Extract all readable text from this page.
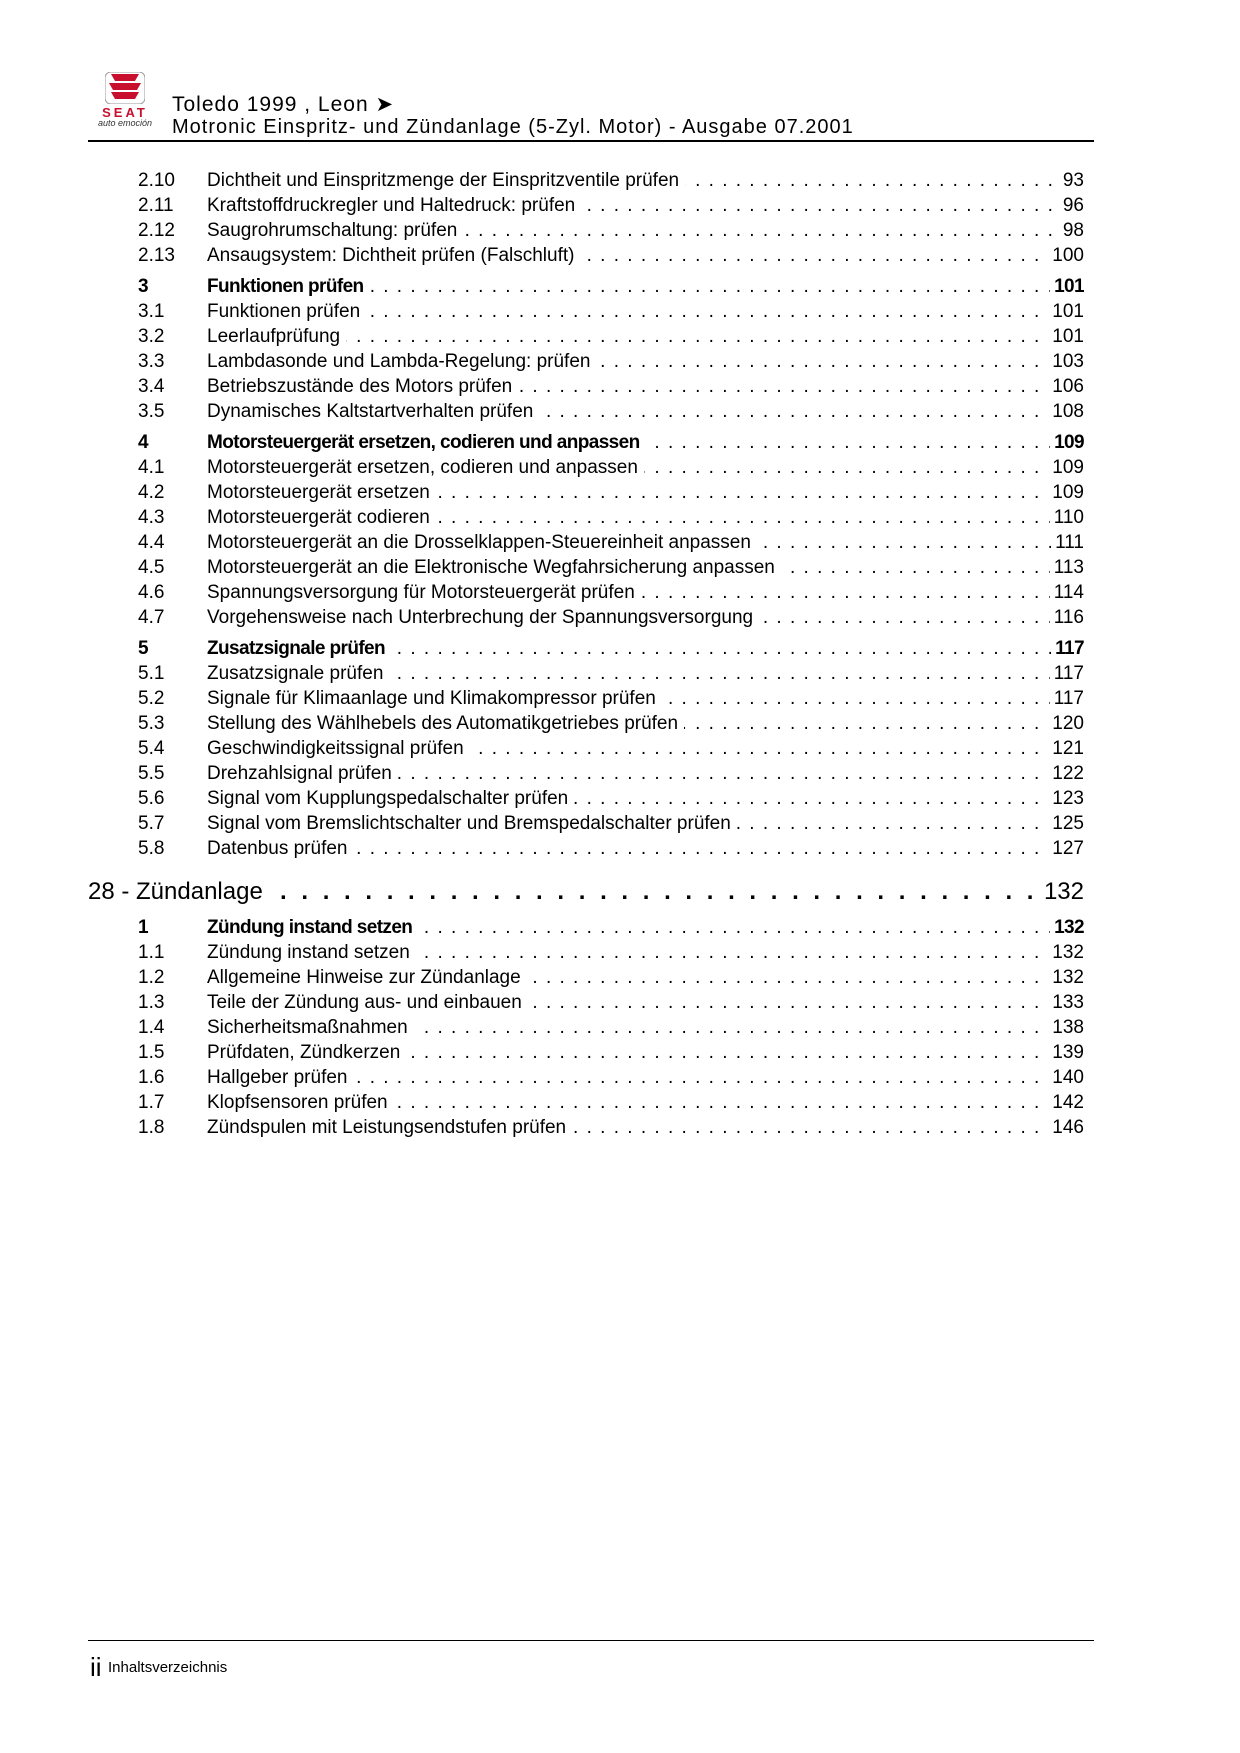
SEAT
auto emoción
Toledo 1999 , Leon ➤
Motronic Einspritz- und Zündanlage (5-Zyl. Motor) - Ausgabe 07.2001
2.10	Dichtheit und Einspritzmenge der Einspritzventile prüfen	93
. . .
2.11	Kraftstoffdruckregler und Haltedruck: prüfen	96
. . .
2.12	Saugrohrumschaltung: prüfen	98
. . .
2.13	Ansaugsystem: Dichtheit prüfen (Falschluft)	100
. . .
3	Funktionen prüfen	101
. . .
3.1	Funktionen prüfen	101
. . .
3.2	Leerlaufprüfung	101
. . .
3.3	Lambdasonde und Lambda-Regelung: prüfen	103
. . .
3.4	Betriebszustände des Motors prüfen	106
. . .
3.5	Dynamisches Kaltstartverhalten prüfen	108
. . .
4	Motorsteuergerät ersetzen, codieren und anpassen	109
. . .
4.1	Motorsteuergerät ersetzen, codieren und anpassen	109
. . .
4.2	Motorsteuergerät ersetzen	109
. . .
4.3	Motorsteuergerät codieren	110
. . .
4.4	Motorsteuergerät an die Drosselklappen-Steuereinheit anpassen	111
. . .
4.5	Motorsteuergerät an die Elektronische Wegfahrsicherung anpassen	113
. . .
4.6	Spannungsversorgung für Motorsteuergerät prüfen	114
. . .
4.7	Vorgehensweise nach Unterbrechung der Spannungsversorgung	116
. . .
5	Zusatzsignale prüfen	117
. . .
5.1	Zusatzsignale prüfen	117
. . .
5.2	Signale für Klimaanlage und Klimakompressor prüfen	117
. . .
5.3	Stellung des Wählhebels des Automatikgetriebes prüfen	120
. . .
5.4	Geschwindigkeitssignal prüfen	121
. . .
5.5	Drehzahlsignal prüfen	122
. . .
5.6	Signal vom Kupplungspedalschalter prüfen	123
. . .
5.7	Signal vom Bremslichtschalter und Bremspedalschalter prüfen	125
. . .
5.8	Datenbus prüfen	127
. . .
28 - Zündanlage	132
. . .
1	Zündung instand setzen	132
. . .
1.1	Zündung instand setzen	132
. . .
1.2	Allgemeine Hinweise zur Zündanlage	132
. . .
1.3	Teile der Zündung aus- und einbauen	133
. . .
1.4	Sicherheitsmaßnahmen	138
. . .
1.5	Prüfdaten, Zündkerzen	139
. . .
1.6	Hallgeber prüfen	140
. . .
1.7	Klopfsensoren prüfen	142
. . .
1.8	Zündspulen mit Leistungsendstufen prüfen	146
. . .
ii Inhaltsverzeichnis
